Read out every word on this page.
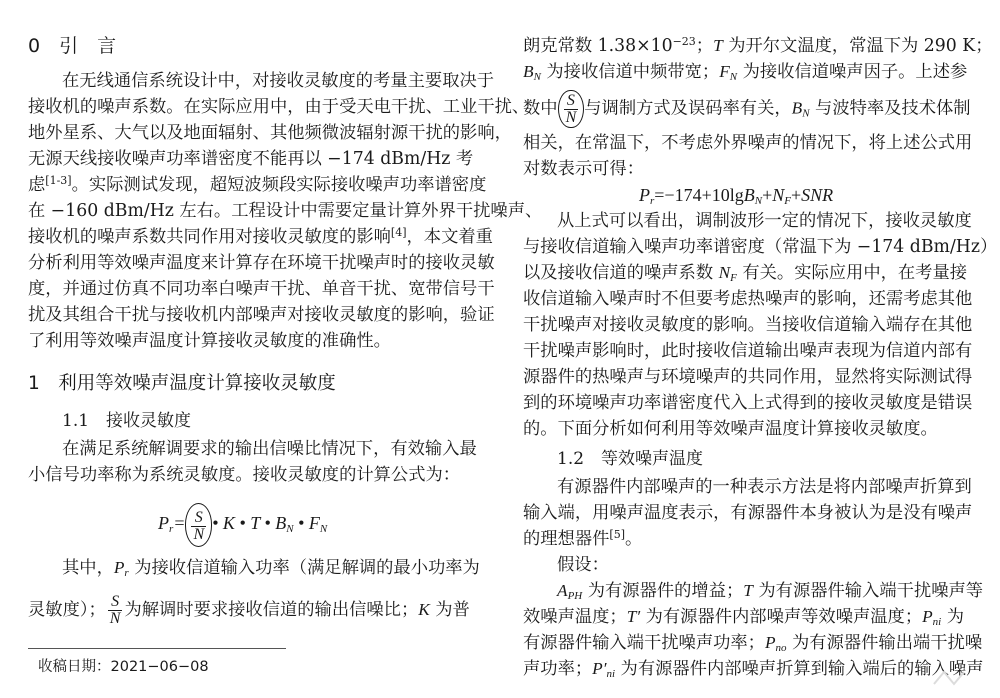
0　引　言
在无线通信系统设计中，对接收灵敏度的考量主要取决于
接收机的噪声系数。在实际应用中，由于受天电干扰、工业干扰、
地外星系、大气以及地面辐射、其他频微波辐射源干扰的影响，
无源天线接收噪声功率谱密度不能再以 −174 dBm/Hz 考
虑[1-3]。实际测试发现，超短波频段实际接收噪声功率谱密度
在 −160 dBm/Hz 左右。工程设计中需要定量计算外界干扰噪声、
接收机的噪声系数共同作用对接收灵敏度的影响[4]，本文着重
分析利用等效噪声温度来计算存在环境干扰噪声时的接收灵敏
度，并通过仿真不同功率白噪声干扰、单音干扰、宽带信号干
扰及其组合干扰与接收机内部噪声对接收灵敏度的影响，验证
了利用等效噪声温度计算接收灵敏度的准确性。
1　利用等效噪声温度计算接收灵敏度
1.1　接收灵敏度
在满足系统解调要求的输出信噪比情况下，有效输入最
小信号功率称为系统灵敏度。接收灵敏度的计算公式为：
$P_r= \frac{S}{N}$ • K • T • $B_N$ • $F_N$
其中，$P_r$ 为接收信道输入功率（满足解调的最小功率为
灵敏度）； $\frac{S}{N}$ 为解调时要求接收信道的输出信噪比；K 为普
收稿日期：2021−06−08
朗克常数 $1.38\times 10^{-23}$；T 为开尔文温度，常温下为 290 K；
$B_N$ 为接收信道中频带宽；$F_N$ 为接收信道噪声因子。上述参
数中 $\frac{S}{N}$ 与调制方式及误码率有关，$B_N$ 与波特率及技术体制
相关，在常温下，不考虑外界噪声的情况下，将上述公式用
对数表示可得：
$P_r=-174+10\lg B_N+N_F+SNR$
从上式可以看出，调制波形一定的情况下，接收灵敏度
与接收信道输入噪声功率谱密度（常温下为 −174 dBm/Hz）
以及接收信道的噪声系数 $N_F$ 有关。实际应用中，在考量接
收信道输入噪声时不但要考虑热噪声的影响，还需考虑其他
干扰噪声对接收灵敏度的影响。当接收信道输入端存在其他
干扰噪声影响时，此时接收信道输出噪声表现为信道内部有
源器件的热噪声与环境噪声的共同作用，显然将实际测试得
到的环境噪声功率谱密度代入上式得到的接收灵敏度是错误
的。下面分析如何利用等效噪声温度计算接收灵敏度。
1.2　等效噪声温度
有源器件内部噪声的一种表示方法是将内部噪声折算到
输入端，用噪声温度表示，有源器件本身被认为是没有噪声
的理想器件[5]。
假设：
$A_{PH}$ 为有源器件的增益；T 为有源器件输入端干扰噪声等
效噪声温度；T′ 为有源器件内部噪声等效噪声温度；$P_{ni}$ 为
有源器件输入端干扰噪声功率；$P_{no}$ 为有源器件输出端干扰噪
声功率；$P'_{ni}$ 为有源器件内部噪声折算到输入端后的输入噪声
